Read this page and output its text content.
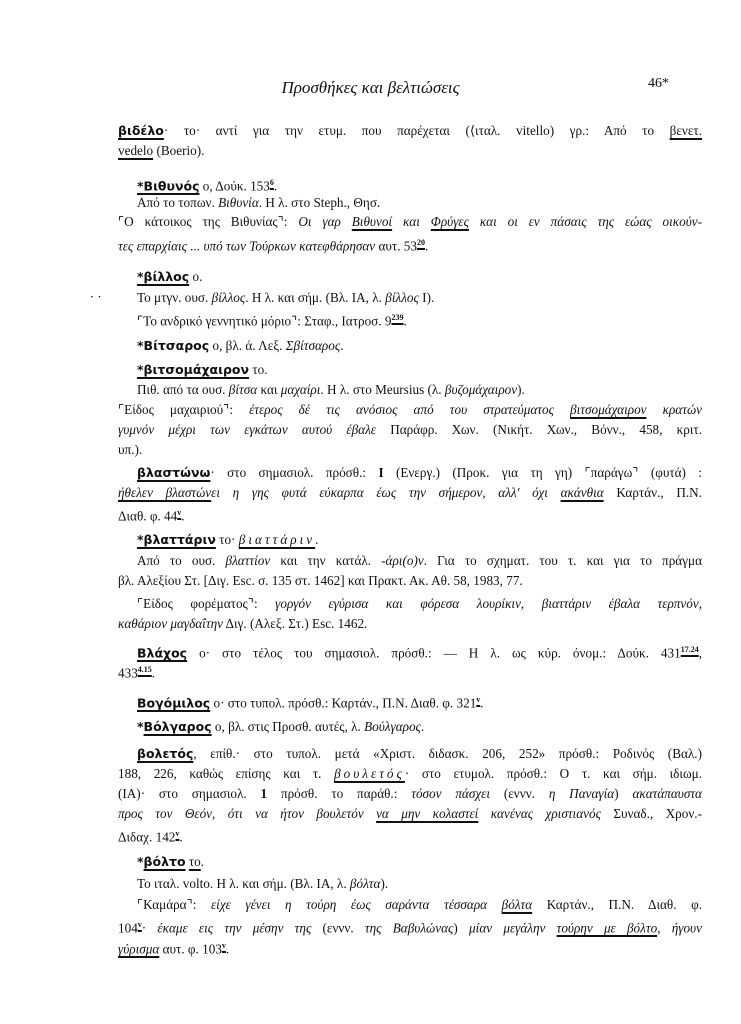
Προσθήκες και βελτιώσεις	46*
· ·
βιδέλο· το· αντί για την ετυμ. που παρέχεται (⟨ιταλ. vitello) γρ.: Από το βενετ.
vedelo (Boerio).
*Βιθυνός ο, Δούκ. $153^6$.
Από το τοπων. Βιθυνία. Η λ. στο Steph., Θησ.
⌜Ο κάτοικος της Βιθυνίας⌝: Οι γαρ Βιθυνοί και Φρύγες και οι εν πάσαις της εώας οικούν-
τες επαρχίαις ... υπό των Τούρκων κατεφθάρησαν αυτ. $53^{20}$.
*βίλλος ο.
Το μτγν. ουσ. βίλλος. Η λ. και σήμ. (Βλ. ΙΑ, λ. βίλλος Ι).
⌜Το ανδρικό γεννητικό μόριο⌝: Σταφ., Ιατροσ. $9^{239}$.
*Βίτσαρος ο, βλ. ά. Λεξ. Σβίτσαρος.
*βιτσομάχαιρον το.
Πιθ. από τα ουσ. βίτσα και μαχαίρι. Η λ. στο Meursius (λ. βυζομάχαιρον).
⌜Είδος μαχαιριού⌝: έτερος δέ τις ανόσιος από του στρατεύματος βιτσομάχαιρον κρατών
γυμνόν μέχρι των εγκάτων αυτού έβαλε Παράφρ. Χων. (Νικήτ. Χων., Βόνν., 458, κριτ.
υπ.).
βλαστώνω· στο σημασιολ. πρόσθ.: Ι (Ενεργ.) (Προκ. για τη γη) ⌜παράγω⌝ (φυτά) :
ήθελεν βλαστώνει η γης φυτά εύκαρπα έως την σήμερον, αλλ' όχι ακάνθια Καρτάν., Π.Ν.
Διαθ. φ. 44$^v$.
*βλαττάριν το· βιαττάριν.
Από το ουσ. βλαττίον και την κατάλ. -άρι(ο)ν. Για το σχηματ. του τ. και για το πράγμα
βλ. Αλεξίου Στ. [Διγ. Esc. σ. 135 στ. 1462] και Πρακτ. Ακ. Αθ. 58, 1983, 77.
⌜Είδος φορέματος⌝: γοργόν εγύρισα και φόρεσα λουρίκιν, βιαττάριν έβαλα τερπνόν,
καθάριον μαγδαΐτην Διγ. (Αλεξ. Στ.) Esc. 1462.
Βλάχος ο· στο τέλος του σημασιολ. πρόσθ.: — Η λ. ως κύρ. όνομ.: Δούκ. $431^{17.24}$,
$433^{4.15}$.
Βογόμιλος ο· στο τυπολ. πρόσθ.: Καρτάν., Π.Ν. Διαθ. φ. 321$^v$.
*Βόλγαρος ο, βλ. στις Προσθ. αυτές, λ. Βούλγαρος.
βολετός, επίθ.· στο τυπολ. μετά «Χριστ. διδασκ. 206, 252» πρόσθ.: Ροδινός (Βαλ.)
188, 226, καθώς επίσης και τ. βουλετός· στο ετυμολ. πρόσθ.: Ο τ. και σήμ. ιδιωμ.
(ΙΑ)· στο σημασιολ. 1 πρόσθ. το παράθ.: τόσον πάσχει (εννν. η Παναγία) ακατάπαυστα
προς τον Θεόν, ότι να ήτον βουλετόν να μην κολαστεί κανένας χριστιανός Συναδ., Χρον.-
Διδαχ. 142$^v$.
*βόλτο το.
Το ιταλ. volto. Η λ. και σήμ. (Βλ. ΙΑ, λ. βόλτα).
⌜Καμάρα⌝: είχε γένει η τούρη έως σαράντα τέσσαρα βόλτα Καρτάν., Π.Ν. Διαθ. φ.
$104^v\cdot έ\kappa\alpha\mu\varepsilon$ εις την μέσην της (εννν. της Βαβυλώνας) μίαν μεγάλην τούρην με βόλτο, ήγουν
γύρισμα αυτ. φ. 103$^v$.
